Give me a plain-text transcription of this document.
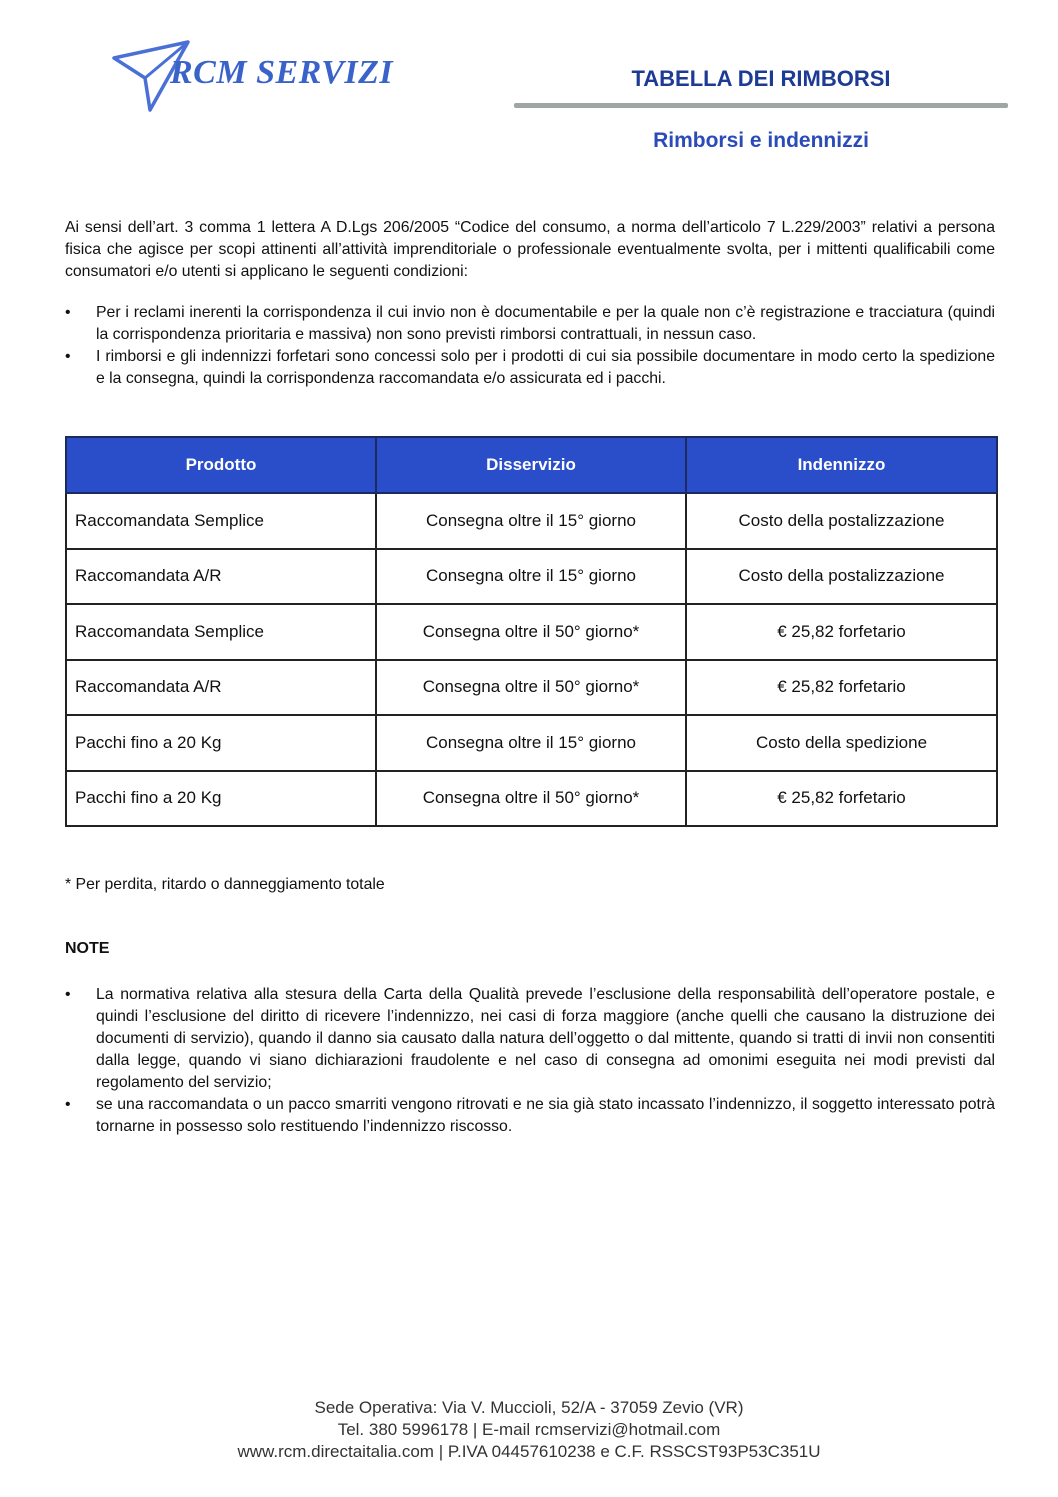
RCM SERVIZI	TABELLA DEI RIMBORSI
Rimborsi e indennizzi

Ai sensi dell’art. 3 comma 1 lettera A D.Lgs 206/2005 “Codice del consumo, a norma dell’articolo 7 L.229/2003” relativi a persona fisica che agisce per scopi attinenti all’attività imprenditoriale o professionale eventualmente svolta, per i mittenti qualificabili come consumatori e/o utenti si applicano le seguenti condizioni:

• Per i reclami inerenti la corrispondenza il cui invio non è documentabile e per la quale non c’è registrazione e tracciatura (quindi la corrispondenza prioritaria e massiva) non sono previsti rimborsi contrattuali, in nessun caso.
• I rimborsi e gli indennizzi forfetari sono concessi solo per i prodotti di cui sia possibile documentare in modo certo la spedizione e la consegna, quindi la corrispondenza raccomandata e/o assicurata ed i pacchi.
Prodotto	Disservizio	Indennizzo
Raccomandata Semplice	Consegna oltre il 15° giorno	Costo della postalizzazione
Raccomandata A/R	Consegna oltre il 15° giorno	Costo della postalizzazione
Raccomandata Semplice	Consegna oltre il 50° giorno*	€ 25,82 forfetario
Raccomandata A/R	Consegna oltre il 50° giorno*	€ 25,82 forfetario
Pacchi fino a 20 Kg	Consegna oltre il 15° giorno	Costo della spedizione
Pacchi fino a 20 Kg	Consegna oltre il 50° giorno*	€ 25,82 forfetario
* Per perdita, ritardo o danneggiamento totale
NOTE
• La normativa relativa alla stesura della Carta della Qualità prevede l’esclusione della responsabilità dell’operatore postale, e quindi l’esclusione del diritto di ricevere l’indennizzo, nei casi di forza maggiore (anche quelli che causano la distruzione dei documenti di servizio), quando il danno sia causato dalla natura dell’oggetto o dal mittente, quando si tratti di invii non consentiti dalla legge, quando vi siano dichiarazioni fraudolente e nel caso di consegna ad omonimi eseguita nei modi previsti dal regolamento del servizio;
• se una raccomandata o un pacco smarriti vengono ritrovati e ne sia già stato incassato l’indennizzo, il soggetto interessato potrà tornarne in possesso solo restituendo l’indennizzo riscosso.
Sede Operativa: Via V. Muccioli, 52/A - 37059 Zevio (VR)
Tel. 380 5996178 | E-mail rcmservizi@hotmail.com
www.rcm.directaitalia.com | P.IVA 04457610238 e C.F. RSSCST93P53C351U
